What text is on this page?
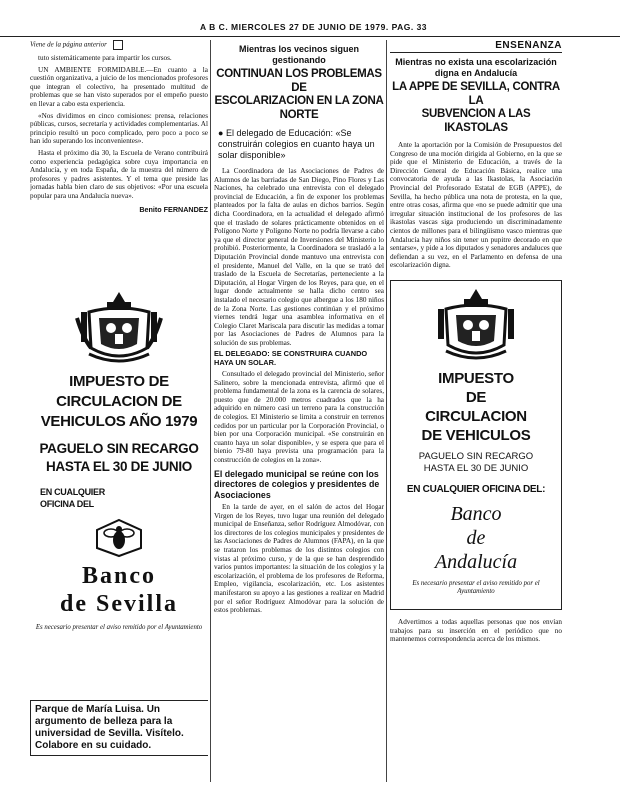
A B C. MIERCOLES 27 DE JUNIO DE 1979. PAG. 33
Viene de la página anterior

tuto sistemáticamente para impartir los cursos.

UN AMBIENTE FORMIDABLE.—En cuanto a la cuestión organizativa, a juicio de los mencionados profesores que integran el colectivo, ha presentado multitud de problemas que se han visto superados por el empeño puesto en llevar a cabo esta experiencia.

«Nos dividimos en cinco comisiones: prensa, relaciones públicas, cursos, secretaría y actividades complementarias. Al principio resultó un poco complicado, pero poco a poco se han ido superando los inconvenientes».

Hasta el próximo día 30, la Escuela de Verano contribuirá como experiencia pedagógica sobre cuya importancia en Andalucía, y en toda España, de la muestra del número de profesores y padres asistentes. Y el tema que preside las jornadas habla bien claro de sus objetivos: «Por una escuela popular para una Andalucía nueva».

Benito FERNANDEZ
IMPUESTO DE
CIRCULACION DE
VEHICULOS AÑO 1979
PAGUELO SIN RECARGO
HASTA EL 30 DE JUNIO
EN CUALQUIER
OFICINA DEL
Banco
de Sevilla
Es necesario presentar el aviso remitido por el Ayuntamiento
Parque de María Luisa. Un argumento de belleza para la universidad de Sevilla. Visítelo. Colabore en su cuidado.
Mientras los vecinos siguen
gestionando
CONTINUAN LOS PROBLEMAS DE
ESCOLARIZACION EN LA ZONA
NORTE
● El delegado de Educación: «Se construirán colegios en cuanto haya un solar disponible»

La Coordinadora de las Asociaciones de Padres de Alumnos de las barriadas de San Diego, Pino Flores y Las Naciones, ha celebrado una entrevista con el delegado provincial de Educación, a fin de exponer los problemas planteados por la falta de aulas en dichos barrios. Según dicha Coordinadora, en la actualidad el delegado afirmó que el traslado de solares prácticamente obtenidos en el Polígono Norte y Polígono Norte no podría llevarse a cabo ya que el director general de Inversiones del Ministerio lo prohibió. Posteriormente, la Coordinadora se trasladó a la Diputación Provincial donde mantuvo una entrevista con el presidente, Manuel del Valle, en la que se trató del traslado de la Escuela de Secretarías, perteneciente a la Diputación, al Hogar Virgen de los Reyes, para que, en el lugar donde actualmente se halla dicho centro sea instalado el necesario colegio que albergue a los 180 niños de la Zona Norte. Las gestiones continúan y el próximo viernes tendrá lugar una asamblea informativa en el Colegio Claret Mariscala para discutir las medidas a tomar por las Asociaciones de Padres de Alumnos para la solución de sus problemas.

EL DELEGADO: SE CONSTRUIRA CUANDO HAYA UN SOLAR.

Consultado el delegado provincial del Ministerio, señor Salinero, sobre la mencionada entrevista, afirmó que el problema fundamental de la zona es la carencia de solares, puesto que de 20.000 metros cuadrados que la ha adquirido en número casi un terreno para la construcción de colegios. El Ministerio se limita a construir en terrenos cedidos por un particular por la Corporación Provincial, o bien por una Corporación municipal. «Se construirán en cuanto haya un solar disponible», y se espera que para el bienio 79-80 haya prevista una programación para la construcción de colegios en la zona».

El delegado municipal se reúne con los directores de colegios y presidentes de Asociaciones

En la tarde de ayer, en el salón de actos del Hogar Virgen de los Reyes, tuvo lugar una reunión del delegado municipal de Enseñanza, señor Rodríguez Almodóvar, con los directores de los colegios municipales y presidentes de las Asociaciones de Padres de Alumnos (FAPA), en la que se trataron los problemas de los distintos colegios con vistas al próximo curso, y de la que se han desprendido varios puntos importantes: la situación de los colegios y la escolarización, el problema de los profesores de Reforma, Empleo, vigilancia, escolarización, etc. Los asistentes manifestaron su apoyo a las gestiones a realizar en Madrid por el señor Rodríguez Almodóvar para la solución de estos problemas.

ENSEÑANZA
Mientras no exista una escolarización digna en Andalucía
LA APPE DE SEVILLA, CONTRA LA
SUBVENCION A LAS IKASTOLAS

Ante la aportación por la Comisión de Presupuestos del Congreso de una moción dirigida al Gobierno, en la que se pide que el Ministerio de Educación, a través de la Dirección General de Educación Básica, realice una convocatoria de ayuda a las Ikastolas, la Asociación Provincial del Profesorado Estatal de EGB (APPE), de Sevilla, ha hecho pública una nota de protesta, en la que, entre otras cosas, afirma que «no se puede admitir que una irregular situación institucional de los profesores de las ikastolas vascas siga produciendo un discriminadamente cientos de millones para el bilingüismo vasco mientras que Andalucía hay niños sin tener un pupitre decorado en que sentarse», y pide a los diputados y senadores andaluces que defiendan a su vez, en el Parlamento en defensa de una escolarización digna.

IMPUESTO
DE
CIRCULACION
DE VEHICULOS
PAGUELO SIN RECARGO
HASTA EL 30 DE JUNIO
EN CUALQUIER OFICINA DEL:
Banco
de
Andalucía
Es necesario presentar el aviso remitido por el Ayuntamiento

Advertimos a todas aquellas personas que nos envían trabajos para su inserción en el periódico que no mantenemos correspondencia acerca de los mismos.
